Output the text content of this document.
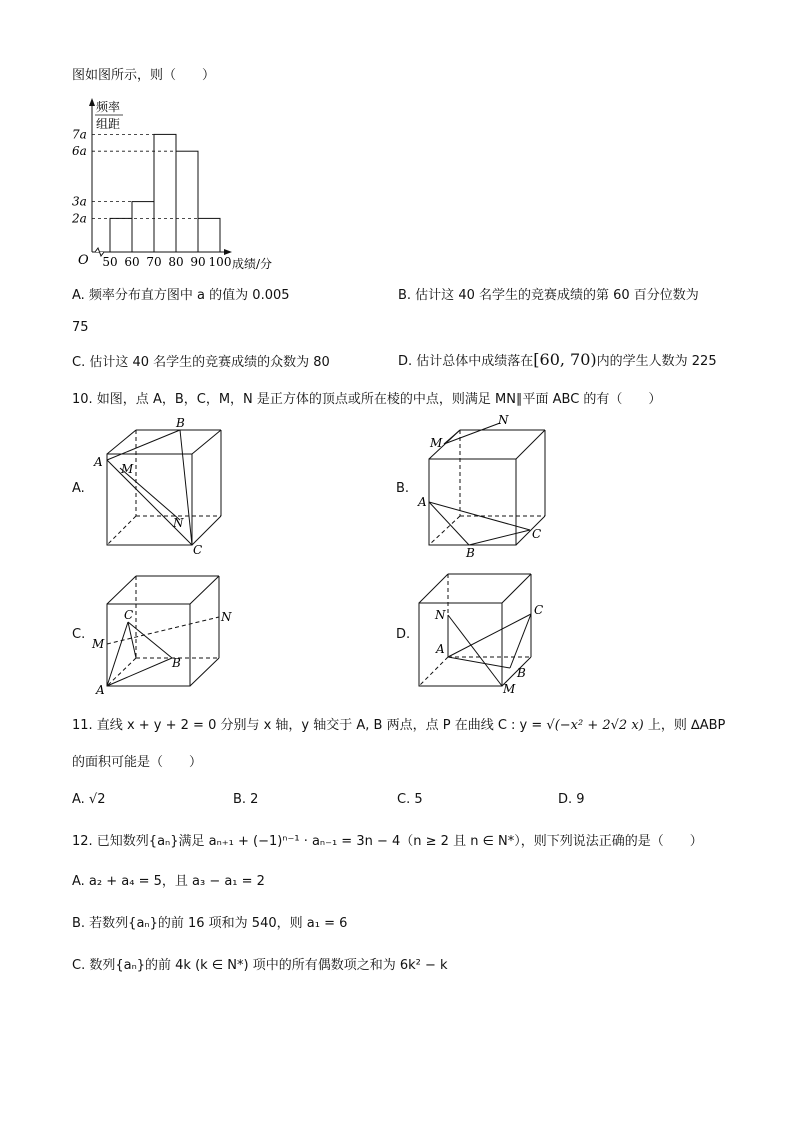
图如图所示，则（　　）
频率
组距
O	成绩/分
7a
6a
3a
2a
50 60 70 80 90 100
A. 频率分布直方图中 a 的值为 0.005	B. 估计这 40 名学生的竞赛成绩的第 60 百分位数为
75
C. 估计这 40 名学生的竞赛成绩的众数为 80	D. 估计总体中成绩落在[60, 70)内的学生人数为 225
10. 如图，点 A，B，C，M，N 是正方体的顶点或所在棱的中点，则满足 MN∥平面 ABC 的有（　　）
A.	B.
C.	D.
A
B
M
N
C
M
N
A
C
B
C	N
M
B
A
N	C
A
B
M
11. 直线 x + y + 2 = 0 分别与 x 轴，y 轴交于 A, B 两点，点 P 在曲线 C : y = √(−x² + 2√2 x) 上，则 ∆ABP
的面积可能是（　　）
A. √2	B. 2	C. 5	D. 9
12. 已知数列{aₙ}满足 aₙ₊₁ + (−1)ⁿ⁻¹ · aₙ₋₁ = 3n − 4（n ≥ 2 且 n ∈ N*），则下列说法正确的是（　　）
A. a₂ + a₄ = 5，且 a₃ − a₁ = 2
B. 若数列{aₙ}的前 16 项和为 540，则 a₁ = 6
C. 数列{aₙ}的前 4k (k ∈ N*) 项中的所有偶数项之和为 6k² − k
